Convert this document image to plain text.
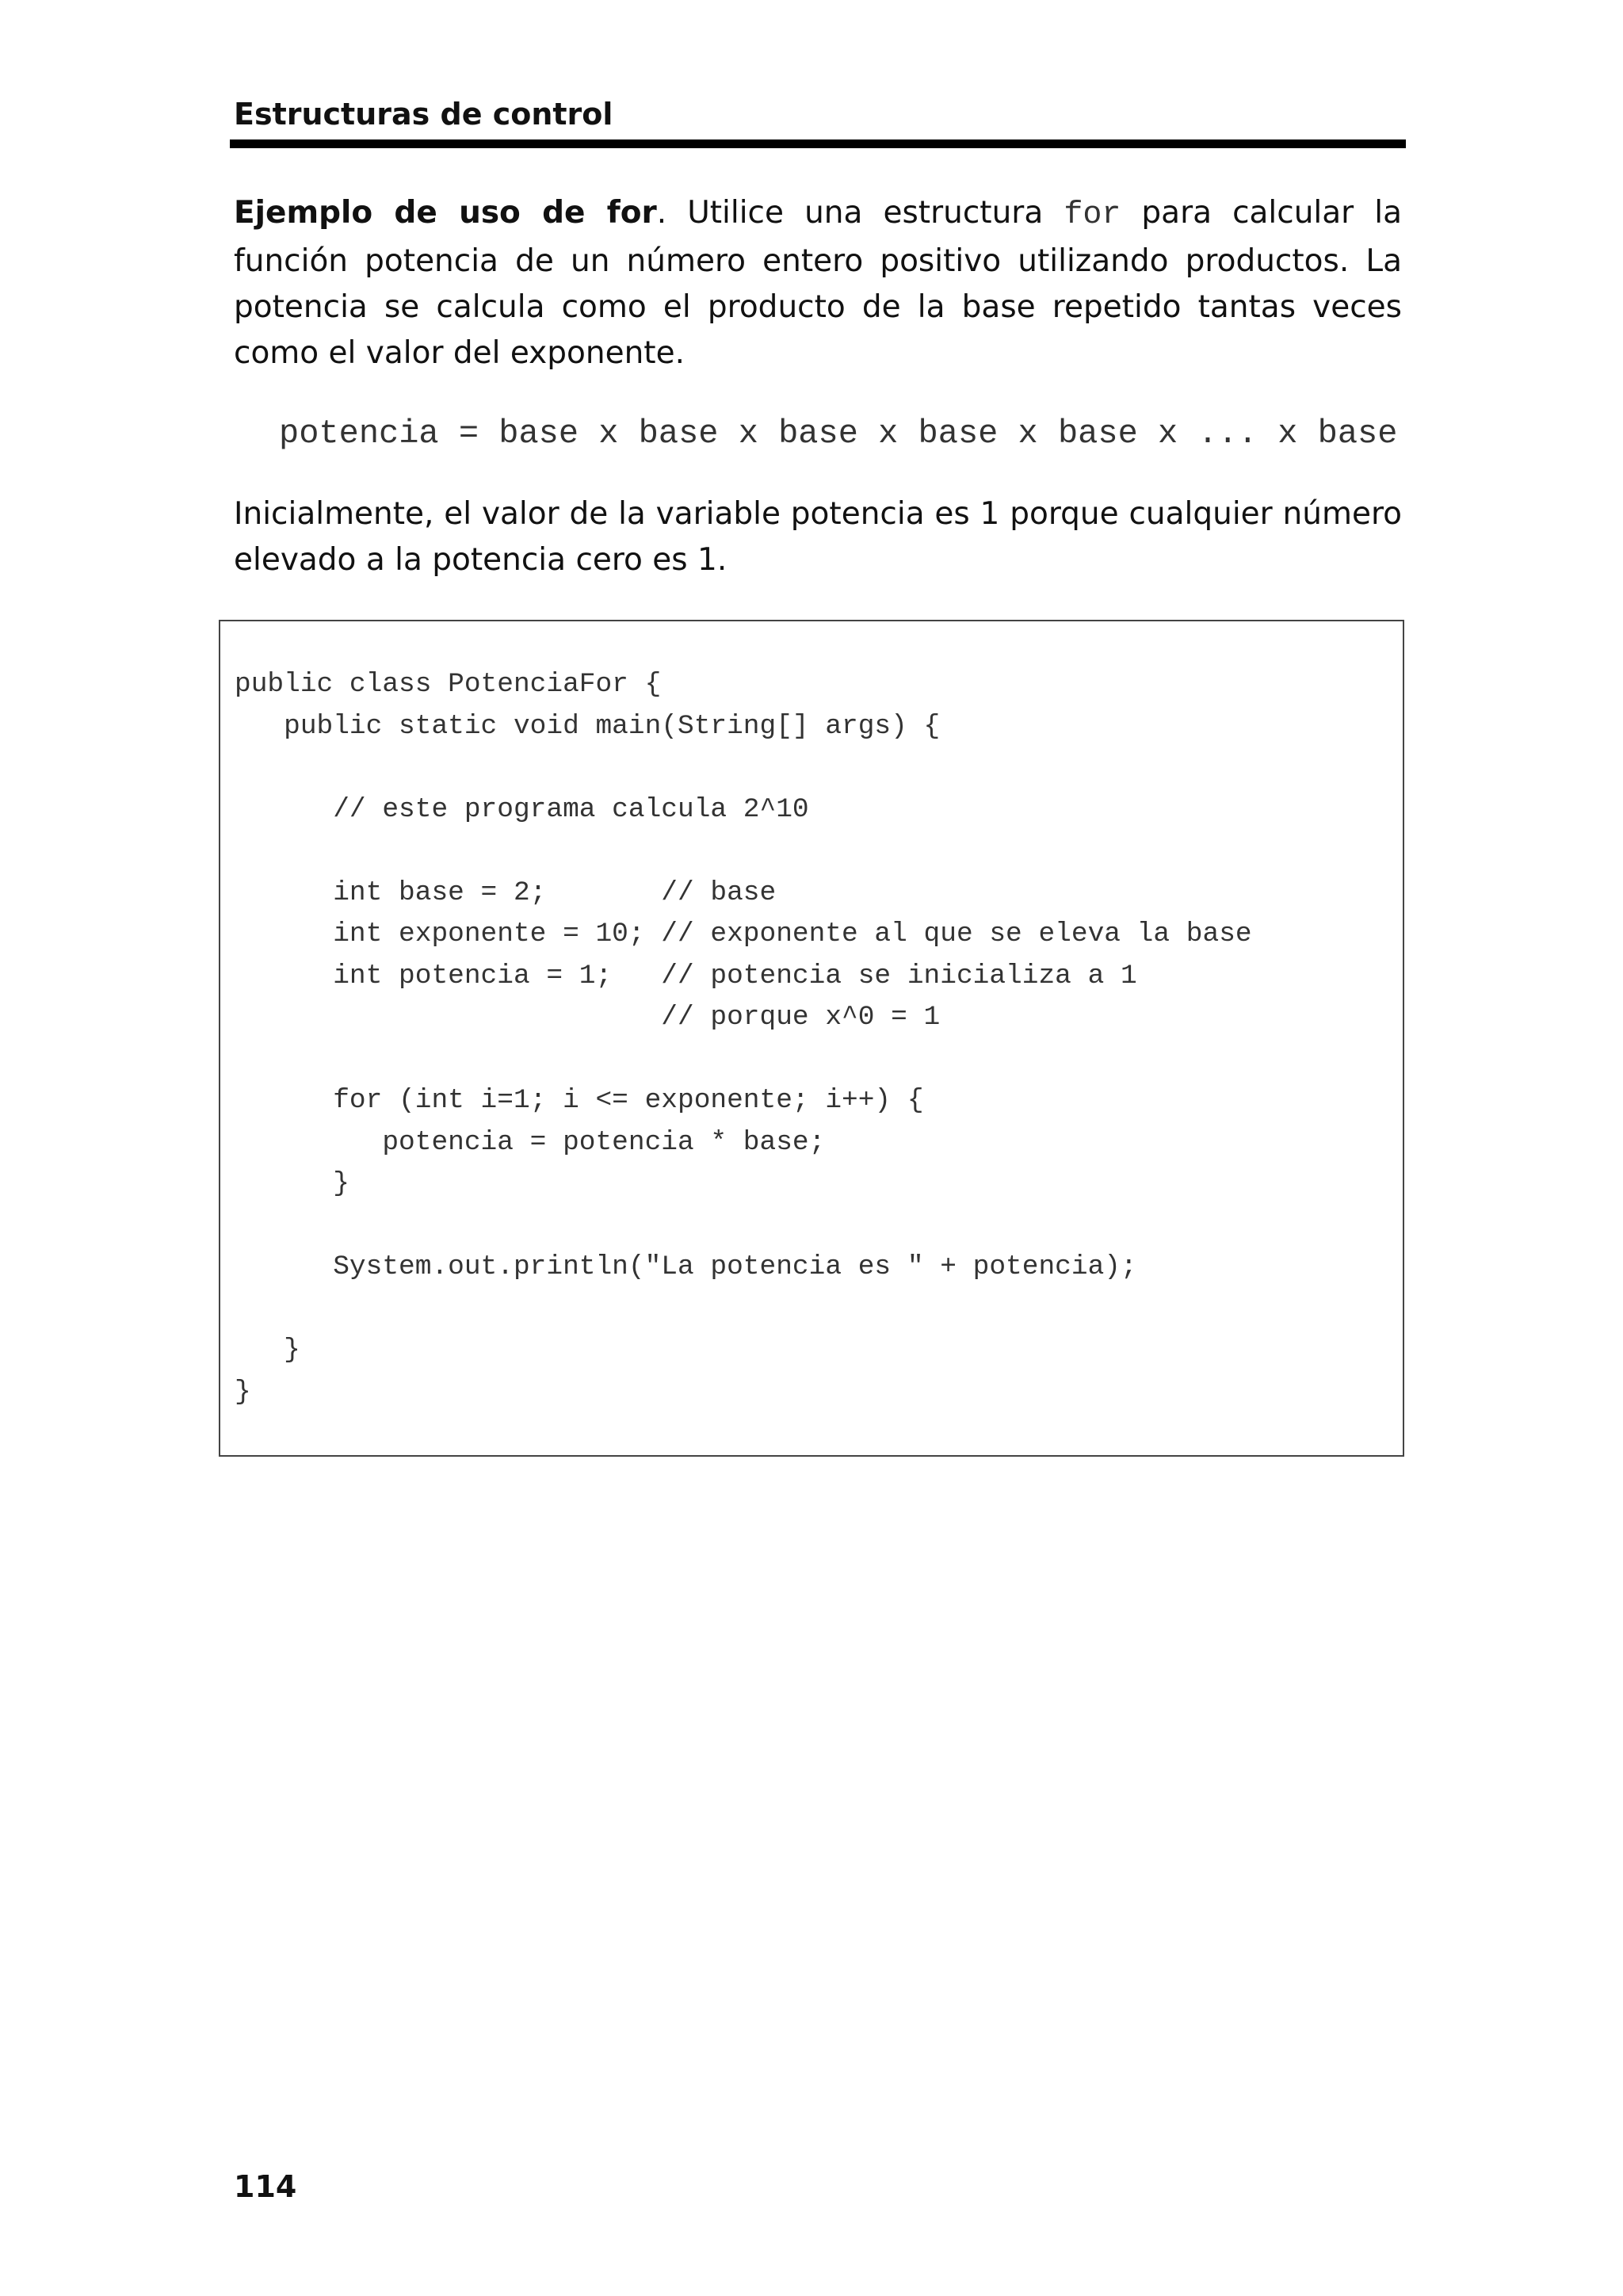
Estructuras de control

Ejemplo de uso de for. Utilice una estructura for para calcular la función potencia de un número entero positivo utilizando productos. La potencia se calcula como el producto de la base repetido tantas veces como el valor del exponente.

potencia = base x base x base x base x base x ... x base

Inicialmente, el valor de la variable potencia es 1 porque cualquier número elevado a la potencia cero es 1.

public class PotenciaFor {
public static void main(String[] args) {
// este programa calcula 2^10
int base = 2;       // base
int exponente = 10; // exponente al que se eleva la base
int potencia = 1;   // potencia se inicializa a 1
// porque x^0 = 1
for (int i=1; i <= exponente; i++) {
potencia = potencia * base;
}
System.out.println("La potencia es " + potencia);
}
}
114
